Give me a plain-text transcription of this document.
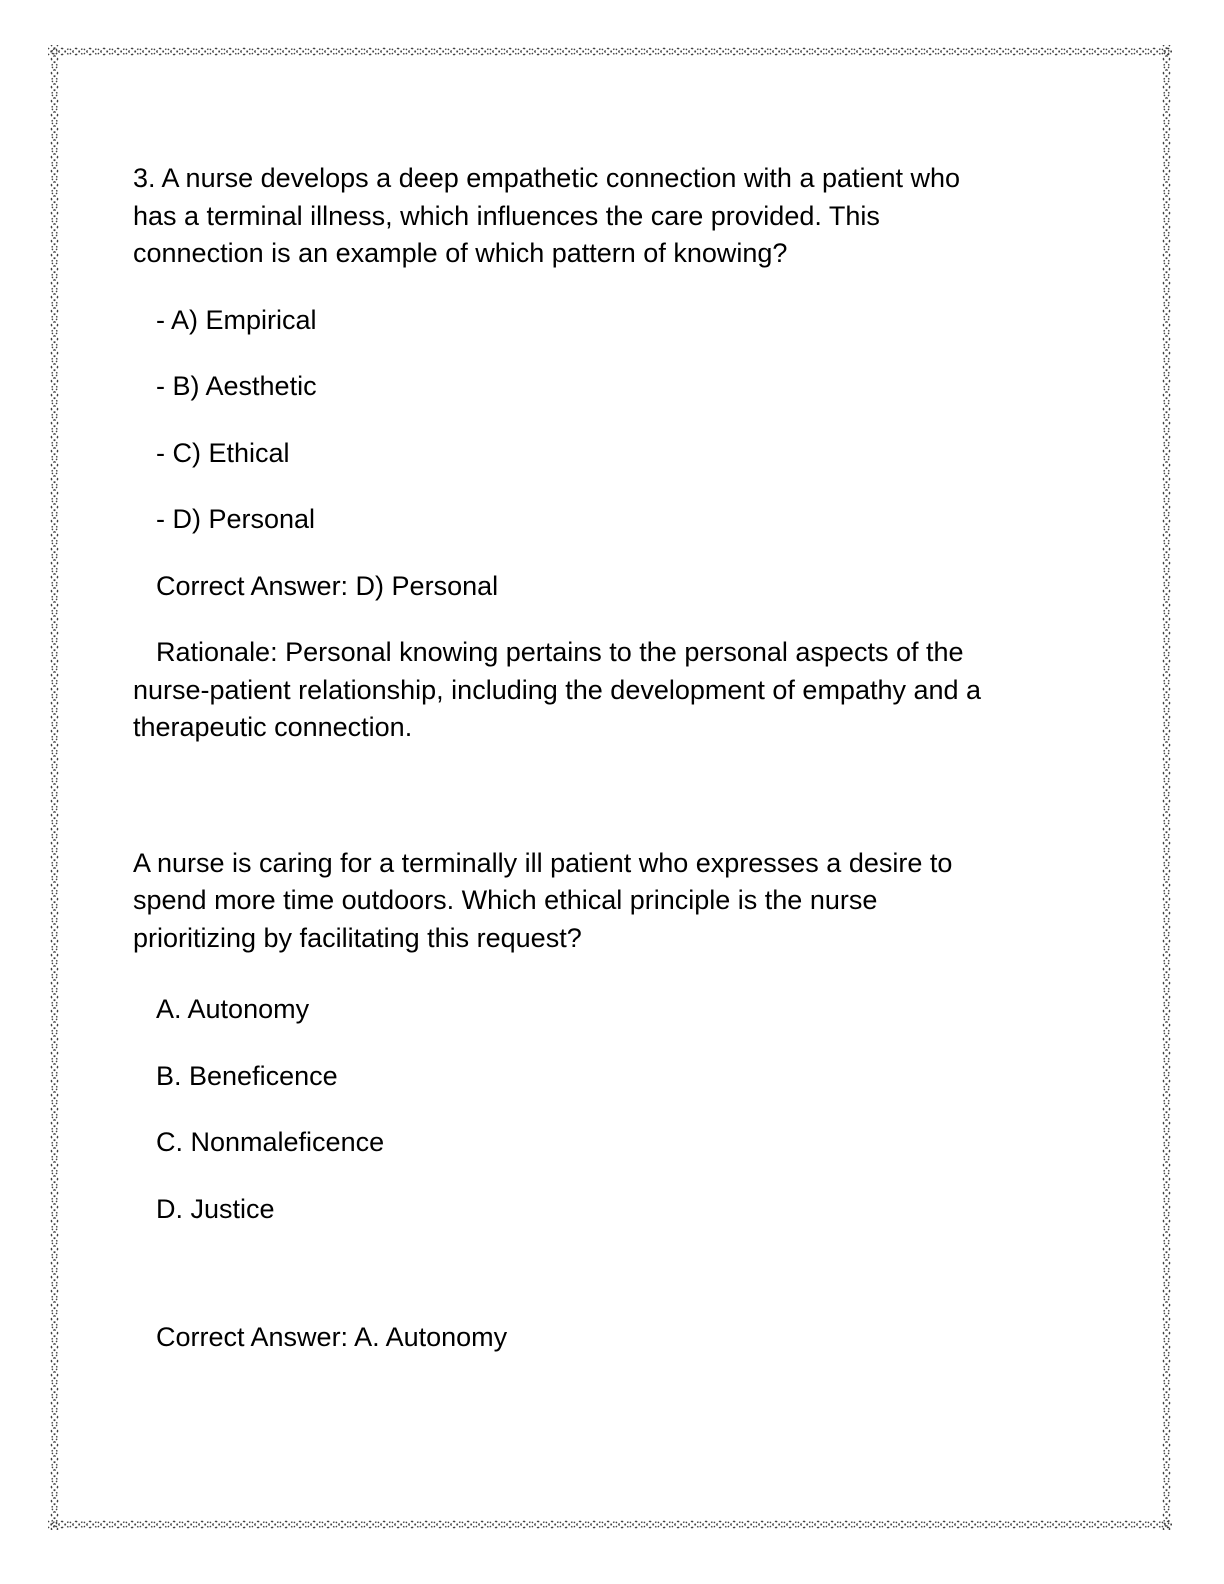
3. A nurse develops a deep empathetic connection with a patient who
has a terminal illness, which influences the care provided. This
connection is an example of which pattern of knowing?
- A) Empirical
- B) Aesthetic
- C) Ethical
- D) Personal
Correct Answer: D) Personal
Rationale: Personal knowing pertains to the personal aspects of the
nurse-patient relationship, including the development of empathy and a
therapeutic connection.
A nurse is caring for a terminally ill patient who expresses a desire to
spend more time outdoors. Which ethical principle is the nurse
prioritizing by facilitating this request?
A. Autonomy
B. Beneficence
C. Nonmaleficence
D. Justice
Correct Answer: A. Autonomy
